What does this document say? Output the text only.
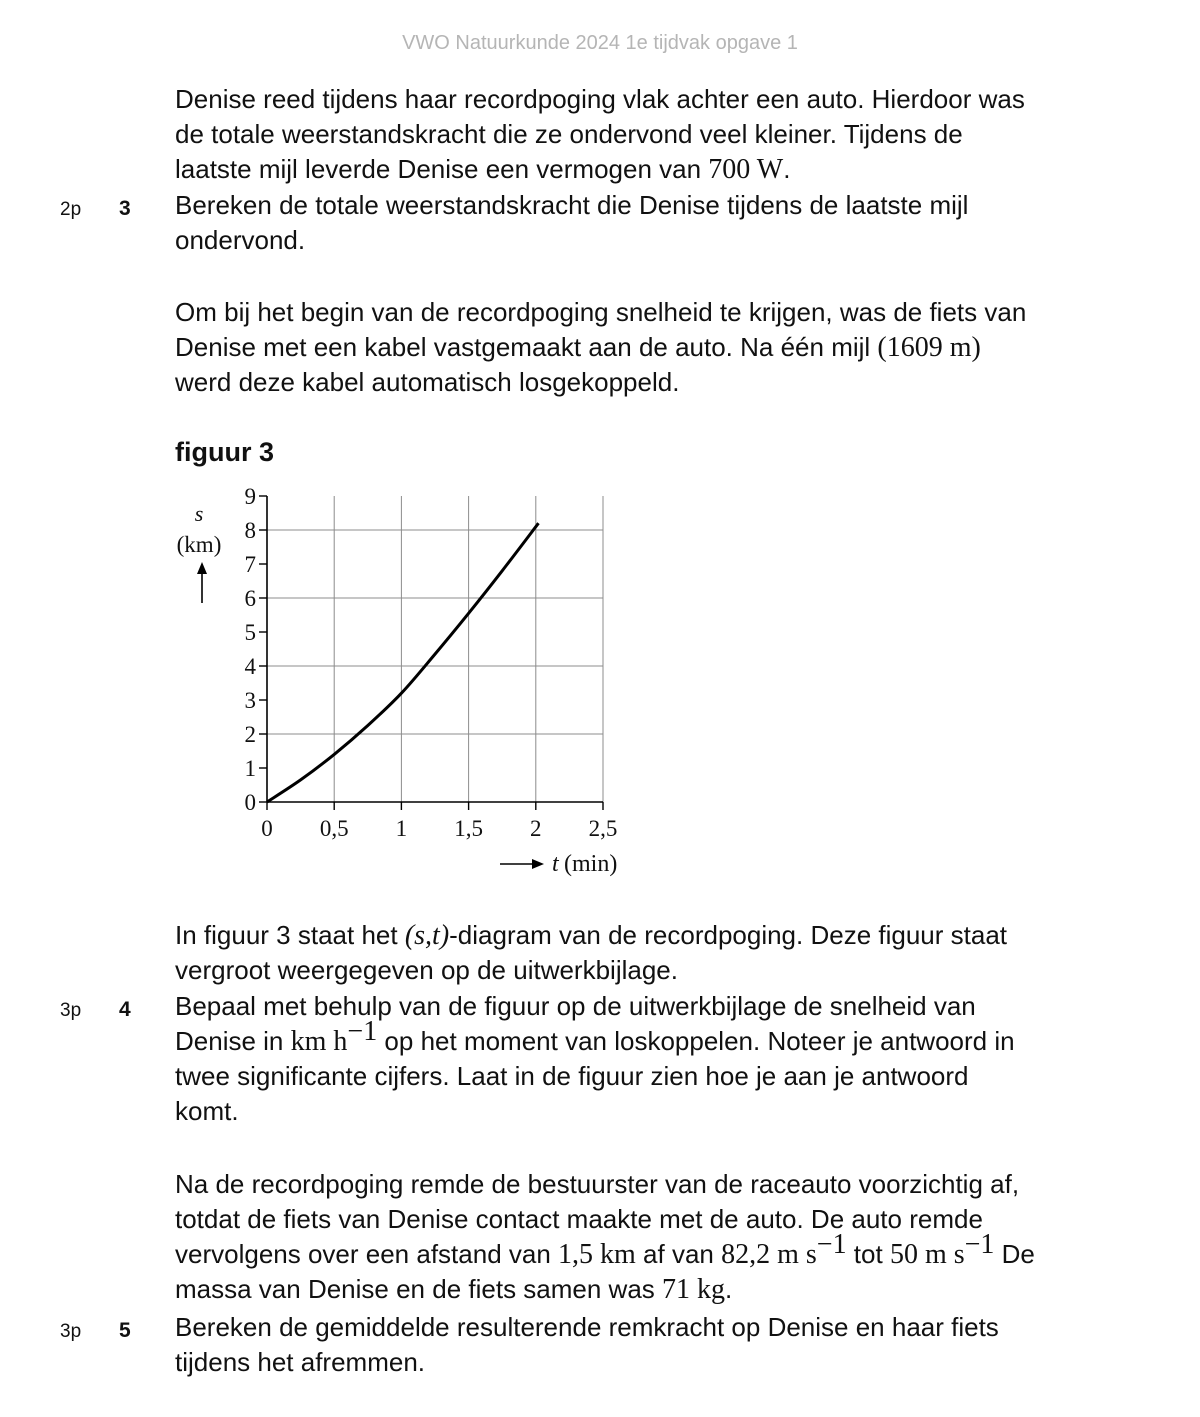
VWO Natuurkunde 2024 1e tijdvak opgave 1
Denise reed tijdens haar recordpoging vlak achter een auto. Hierdoor was
de totale weerstandskracht die ze ondervond veel kleiner. Tijdens de
laatste mijl leverde Denise een vermogen van 700 W.
2p 3 Bereken de totale weerstandskracht die Denise tijdens de laatste mijl
ondervond.
Om bij het begin van de recordpoging snelheid te krijgen, was de fiets van
Denise met een kabel vastgemaakt aan de auto. Na één mijl (1609 m)
werd deze kabel automatisch losgekoppeld.
figuur 3
0
1
2
3
4
5
6
7
8
9
0 0,5 1 1,5 2 2,5
s
(km)
t (min)
In figuur 3 staat het (s,t)-diagram van de recordpoging. Deze figuur staat
vergroot weergegeven op de uitwerkbijlage.
3p 4 Bepaal met behulp van de figuur op de uitwerkbijlage de snelheid van
Denise in km $h^{-1}$ op het moment van loskoppelen. Noteer je antwoord in
twee significante cijfers. Laat in de figuur zien hoe je aan je antwoord
komt.
Na de recordpoging remde de bestuurster van de raceauto voorzichtig af,
totdat de fiets van Denise contact maakte met de auto. De auto remde
vervolgens over een afstand van 1,5 km af van 82,2 m $s^{-1}$ tot 50 m $s^{-1}$ De
massa van Denise en de fiets samen was 71 kg.
3p 5 Bereken de gemiddelde resulterende remkracht op Denise en haar fiets
tijdens het afremmen.
